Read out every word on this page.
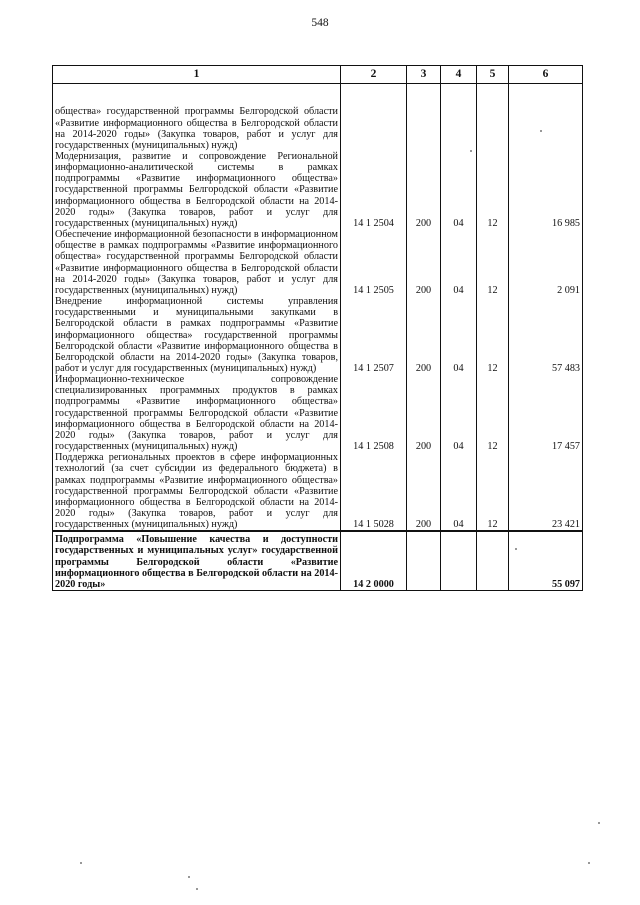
548
1	2	3	4	5	6
общества» государственной программы Белгородской области «Развитие информационного общества в Белгородской области на 2014-2020 годы» (Закупка товаров, работ и услуг для государственных (муниципальных) нужд)					
Модернизация, развитие и сопровождение Региональной информационно-аналитической системы в рамках подпрограммы «Развитие информационного общества» государственной программы Белгородской области «Развитие информационного общества в Белгородской области на 2014-2020 годы» (Закупка товаров, работ и услуг для государственных (муниципальных) нужд)	14 1 2504	200	04	12	16 985
Обеспечение информационной безопасности в информационном обществе в рамках подпрограммы «Развитие информационного общества» государственной программы Белгородской области «Развитие информационного общества в Белгородской области на 2014-2020 годы» (Закупка товаров, работ и услуг для государственных (муниципальных) нужд)	14 1 2505	200	04	12	2 091
Внедрение информационной системы управления государственными и муниципальными закупками в Белгородской области в рамках подпрограммы «Развитие информационного общества» государственной программы Белгородской области «Развитие информационного общества в Белгородской области на 2014-2020 годы» (Закупка товаров, работ и услуг для государственных (муниципальных) нужд)	14 1 2507	200	04	12	57 483
Информационно-техническое сопровождение специализированных программных продуктов в рамках подпрограммы «Развитие информационного общества» государственной программы Белгородской области «Развитие информационного общества в Белгородской области на 2014-2020 годы» (Закупка товаров, работ и услуг для государственных (муниципальных) нужд)	14 1 2508	200	04	12	17 457
Поддержка региональных проектов в сфере информационных технологий (за счет субсидии из федерального бюджета) в рамках подпрограммы «Развитие информационного общества» государственной программы Белгородской области «Развитие информационного общества в Белгородской области на 2014-2020 годы» (Закупка товаров, работ и услуг для государственных (муниципальных) нужд)	14 1 5028	200	04	12	23 421
Подпрограмма «Повышение качества и доступности государственных и муниципальных услуг» государственной программы Белгородской области «Развитие информационного общества в Белгородской области на 2014-2020 годы»	14 2 0000				55 097
